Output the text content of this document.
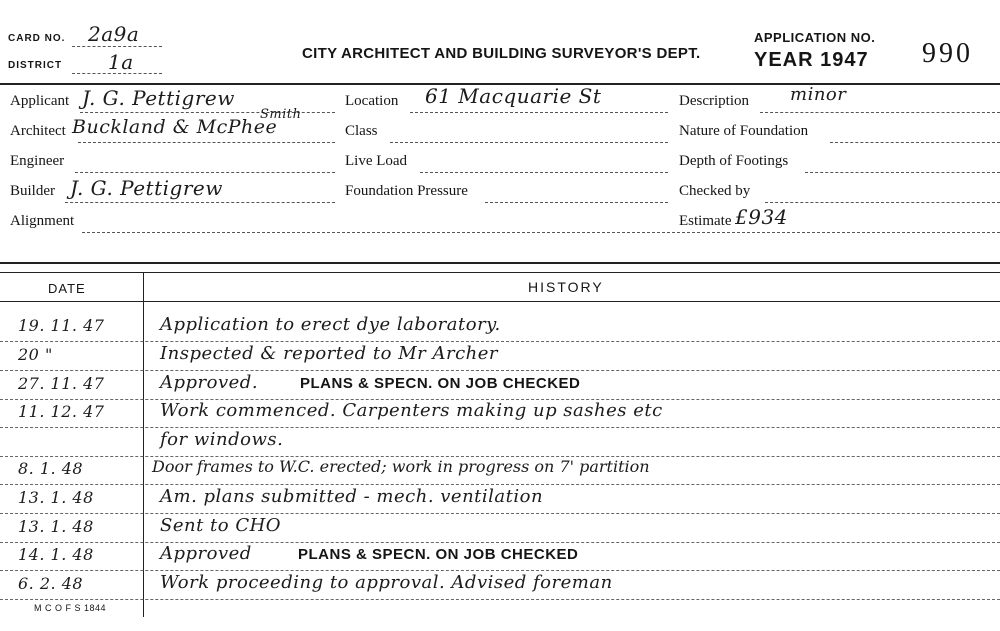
CARD NO. 2a9a
DISTRICT 1a	CITY ARCHITECT AND BUILDING SURVEYOR'S DEPT.
APPLICATION NO.
YEAR 1947 990
Applicant J. G. Pettigrew
Architect Buckland & McPhee
Smith
Engineer
Builder J. G. Pettigrew
Alignment
Location 61 Macquarie St
Class
Live Load
Foundation Pressure
Description minor
Nature of Foundation
Depth of Footings
Checked by
Estimate £934
DATE	HISTORY
19. 11. 47	Application to erect dye laboratory.
20 "	Inspected & reported to Mr Archer
27. 11. 47	Approved.	PLANS & SPECN. ON JOB CHECKED
11. 12. 47	Work commenced. Carpenters making up sashes etc
for windows.
8. 1. 48	Door frames to W.C. erected; work in progress on 7' partition
13. 1. 48	Am. plans submitted - mech. ventilation
13. 1. 48	Sent to CHO
14. 1. 48	Approved	PLANS & SPECN. ON JOB CHECKED
6. 2. 48	Work proceeding to approval. Advised foreman
M C O F S 1844
